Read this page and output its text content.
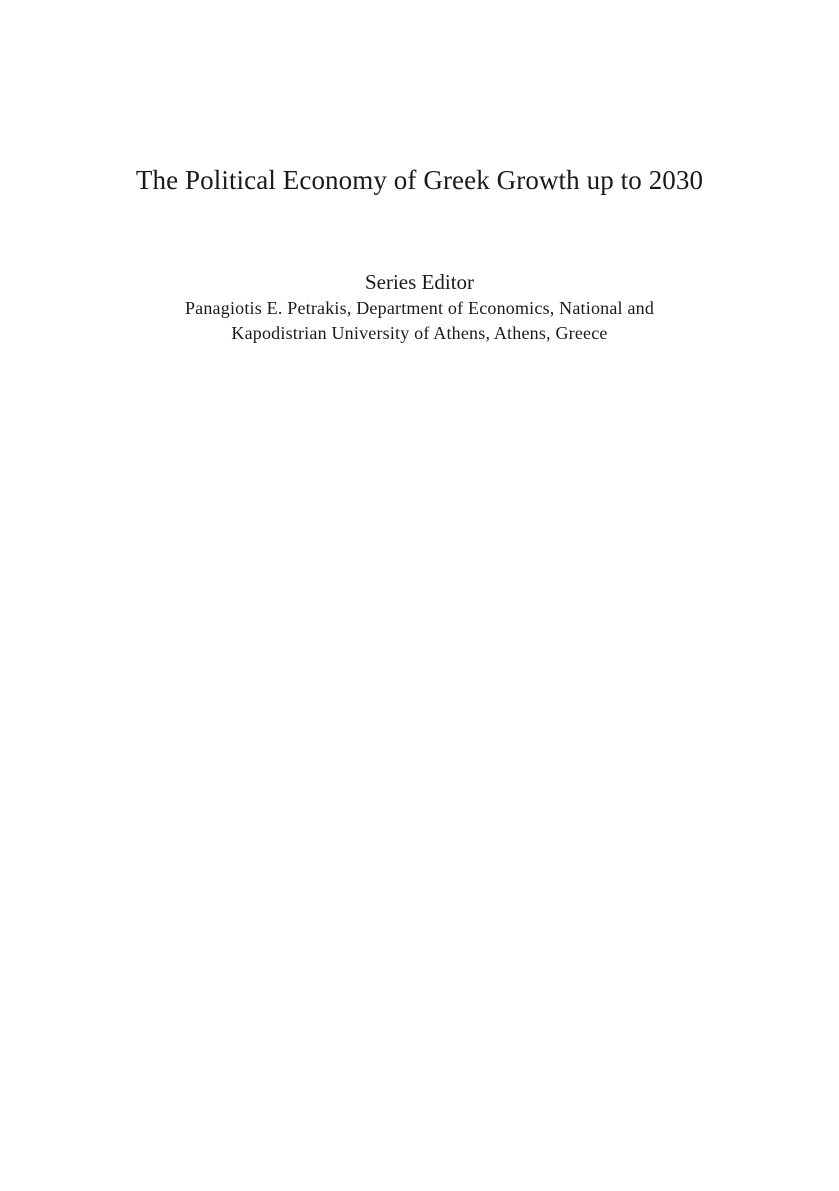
The Political Economy of Greek Growth up to 2030

Series Editor

Panagiotis E. Petrakis, Department of Economics, National and

Kapodistrian University of Athens, Athens, Greece
